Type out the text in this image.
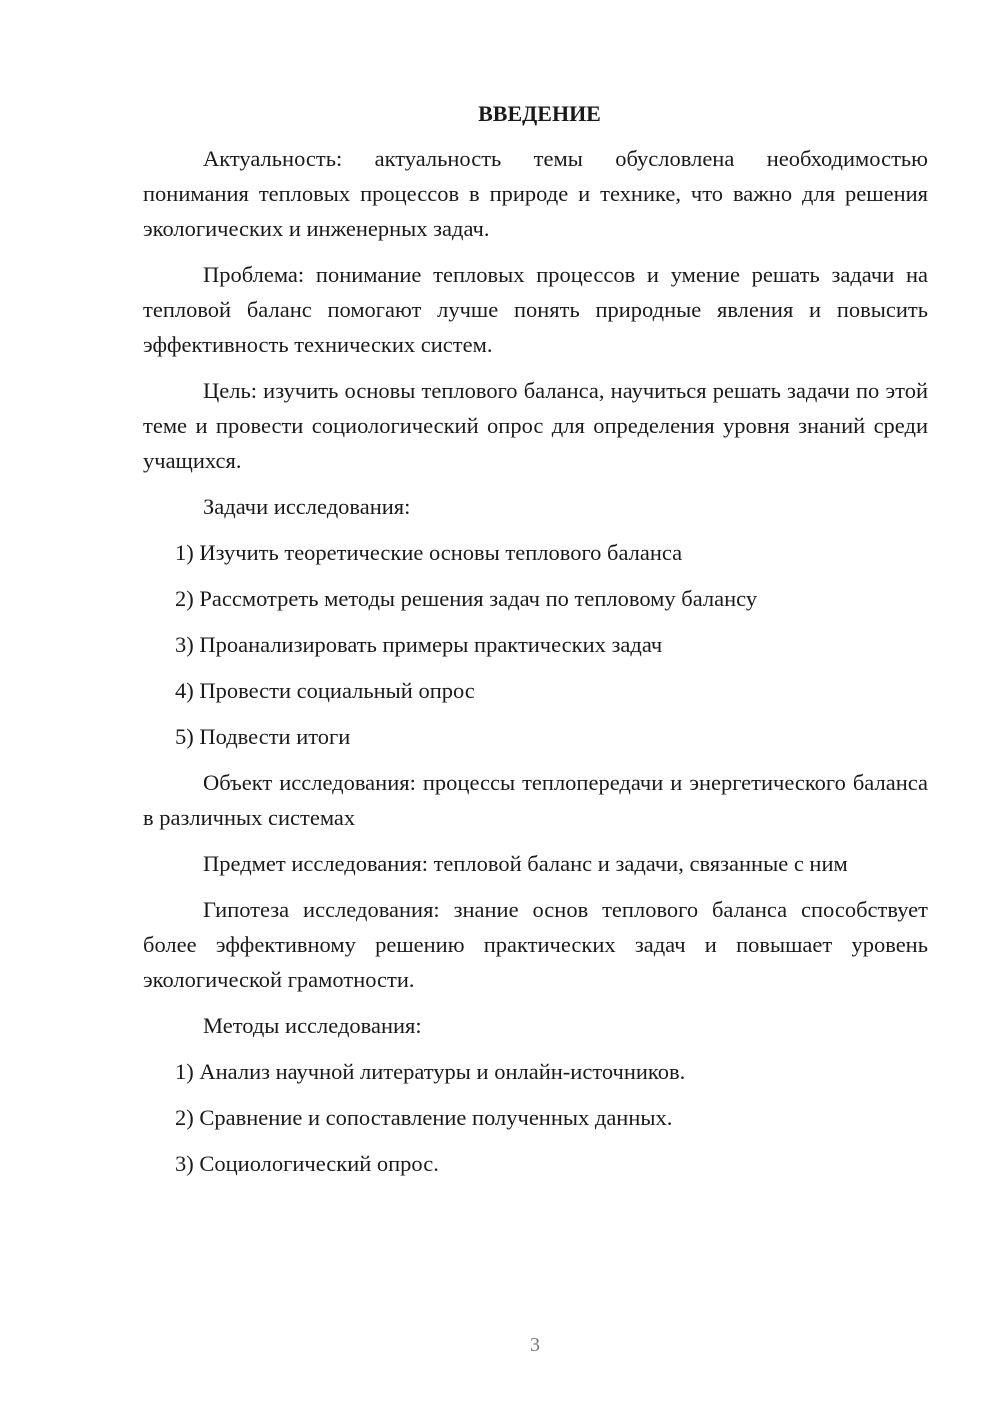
ВВЕДЕНИЕ

Актуальность: актуальность темы обусловлена необходимостью понимания тепловых процессов в природе и технике, что важно для решения экологических и инженерных задач.

Проблема: понимание тепловых процессов и умение решать задачи на тепловой баланс помогают лучше понять природные явления и повысить эффективность технических систем.

Цель: изучить основы теплового баланса, научиться решать задачи по этой теме и провести социологический опрос для определения уровня знаний среди учащихся.

Задачи исследования:

1) Изучить теоретические основы теплового баланса

2) Рассмотреть методы решения задач по тепловому балансу

3) Проанализировать примеры практических задач

4) Провести социальный опрос

5) Подвести итоги

Объект исследования: процессы теплопередачи и энергетического баланса в различных системах

Предмет исследования: тепловой баланс и задачи, связанные с ним

Гипотеза исследования: знание основ теплового баланса способствует более эффективному решению практических задач и повышает уровень экологической грамотности.

Методы исследования:

1) Анализ научной литературы и онлайн-источников.

2) Сравнение и сопоставление полученных данных.

3) Социологический опрос.

3
